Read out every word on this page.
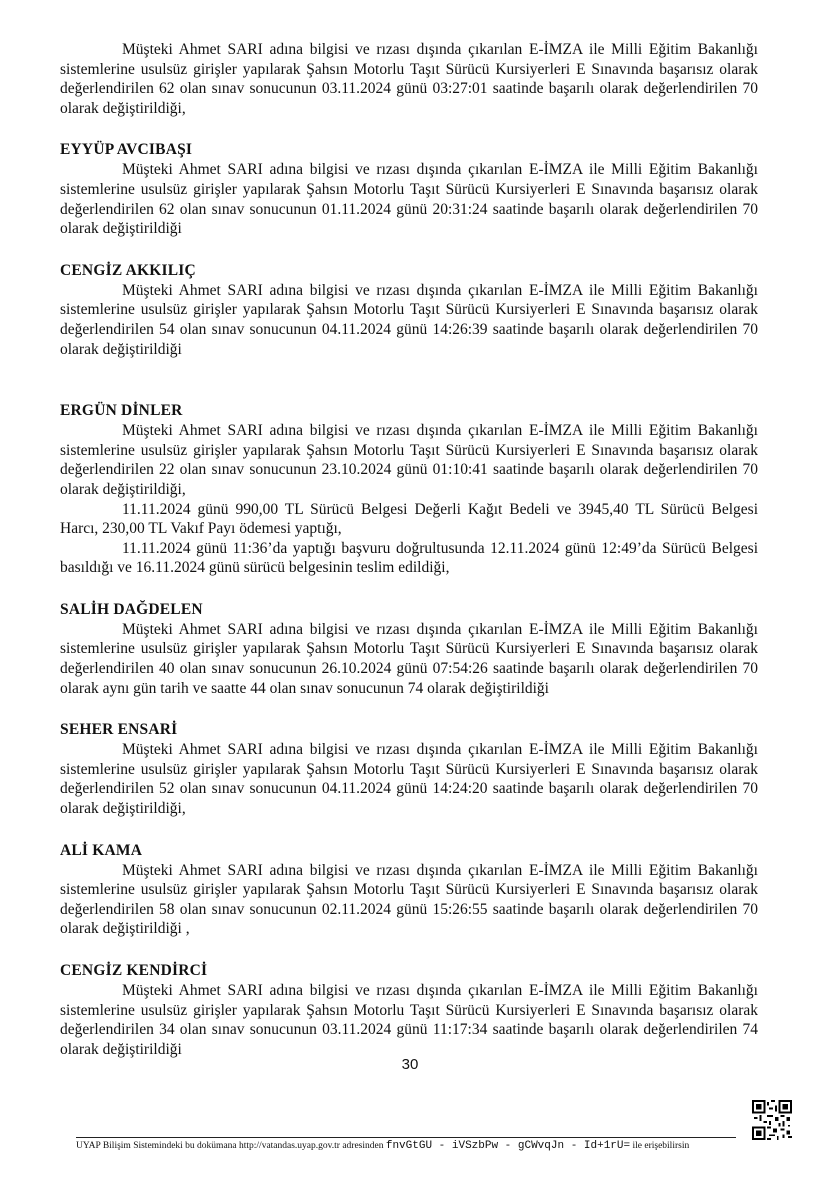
Müşteki Ahmet SARI adına bilgisi ve rızası dışında çıkarılan E-İMZA ile Milli Eğitim Bakanlığı sistemlerine usulsüz girişler yapılarak Şahsın Motorlu Taşıt Sürücü Kursiyerleri E Sınavında başarısız olarak değerlendirilen 62 olan sınav sonucunun 03.11.2024 günü 03:27:01 saatinde başarılı olarak değerlendirilen 70 olarak değiştirildiği,

EYYÜP AVCIBAŞI

Müşteki Ahmet SARI adına bilgisi ve rızası dışında çıkarılan E-İMZA ile Milli Eğitim Bakanlığı sistemlerine usulsüz girişler yapılarak Şahsın Motorlu Taşıt Sürücü Kursiyerleri E Sınavında başarısız olarak değerlendirilen 62 olan sınav sonucunun 01.11.2024 günü 20:31:24 saatinde başarılı olarak değerlendirilen 70 olarak değiştirildiği

CENGİZ AKKILIÇ

Müşteki Ahmet SARI adına bilgisi ve rızası dışında çıkarılan E-İMZA ile Milli Eğitim Bakanlığı sistemlerine usulsüz girişler yapılarak Şahsın Motorlu Taşıt Sürücü Kursiyerleri E Sınavında başarısız olarak değerlendirilen 54 olan sınav sonucunun 04.11.2024 günü 14:26:39 saatinde başarılı olarak değerlendirilen 70 olarak değiştirildiği

ERGÜN DİNLER

Müşteki Ahmet SARI adına bilgisi ve rızası dışında çıkarılan E-İMZA ile Milli Eğitim Bakanlığı sistemlerine usulsüz girişler yapılarak Şahsın Motorlu Taşıt Sürücü Kursiyerleri E Sınavında başarısız olarak değerlendirilen 22 olan sınav sonucunun 23.10.2024 günü 01:10:41 saatinde başarılı olarak değerlendirilen 70 olarak değiştirildiği,

11.11.2024 günü 990,00 TL Sürücü Belgesi Değerli Kağıt Bedeli ve 3945,40 TL Sürücü Belgesi Harcı, 230,00 TL Vakıf Payı ödemesi yaptığı,

11.11.2024 günü 11:36’da yaptığı başvuru doğrultusunda 12.11.2024 günü 12:49’da Sürücü Belgesi basıldığı ve 16.11.2024 günü sürücü belgesinin teslim edildiği,

SALİH DAĞDELEN

Müşteki Ahmet SARI adına bilgisi ve rızası dışında çıkarılan E-İMZA ile Milli Eğitim Bakanlığı sistemlerine usulsüz girişler yapılarak Şahsın Motorlu Taşıt Sürücü Kursiyerleri E Sınavında başarısız olarak değerlendirilen 40 olan sınav sonucunun 26.10.2024 günü 07:54:26 saatinde başarılı olarak değerlendirilen 70 olarak aynı gün tarih ve saatte 44 olan sınav sonucunun 74 olarak değiştirildiği

SEHER ENSARİ

Müşteki Ahmet SARI adına bilgisi ve rızası dışında çıkarılan E-İMZA ile Milli Eğitim Bakanlığı sistemlerine usulsüz girişler yapılarak Şahsın Motorlu Taşıt Sürücü Kursiyerleri E Sınavında başarısız olarak değerlendirilen 52 olan sınav sonucunun 04.11.2024 günü 14:24:20 saatinde başarılı olarak değerlendirilen 70 olarak değiştirildiği,

ALİ KAMA

Müşteki Ahmet SARI adına bilgisi ve rızası dışında çıkarılan E-İMZA ile Milli Eğitim Bakanlığı sistemlerine usulsüz girişler yapılarak Şahsın Motorlu Taşıt Sürücü Kursiyerleri E Sınavında başarısız olarak değerlendirilen 58 olan sınav sonucunun 02.11.2024 günü 15:26:55 saatinde başarılı olarak değerlendirilen 70 olarak değiştirildiği ,

CENGİZ KENDİRCİ

Müşteki Ahmet SARI adına bilgisi ve rızası dışında çıkarılan E-İMZA ile Milli Eğitim Bakanlığı sistemlerine usulsüz girişler yapılarak Şahsın Motorlu Taşıt Sürücü Kursiyerleri E Sınavında başarısız olarak değerlendirilen 34 olan sınav sonucunun 03.11.2024 günü 11:17:34 saatinde başarılı olarak değerlendirilen 74 olarak değiştirildiği

30
UYAP Bilişim Sistemindeki bu dokümana http://vatandas.uyap.gov.tr adresinden fnvGtGU - iVSzbPw - gCWvqJn - Id+1rU= ile erişebilirsin
